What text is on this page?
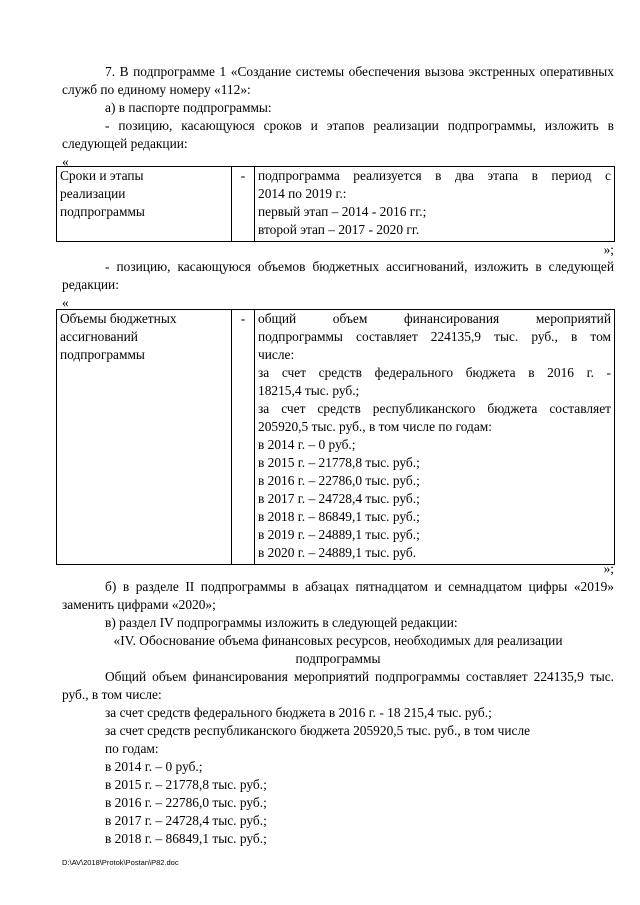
7. В подпрограмме 1 «Создание системы обеспечения вызова экстренных оперативных служб по единому номеру «112»:

а) в паспорте подпрограммы:

- позицию, касающуюся сроков и этапов реализации подпрограммы, изложить в следующей редакции:

«

Сроки и этапы
реализации
подпрограммы
	-	подпрограмма реализуется в два этапа в период с
2014 по 2019 г.:
первый этап – 2014 - 2016 гг.;
второй этап – 2017 - 2020 гг.
»;

- позицию, касающуюся объемов бюджетных ассигнований, изложить в следующей редакции:

«

Объемы бюджетных
ассигнований
подпрограммы
	-	общий объем финансирования мероприятий
подпрограммы составляет 224135,9 тыс. руб., в том
числе:
за счет средств федерального бюджета в 2016 г. -
18215,4 тыс. руб.;
за счет средств республиканского бюджета составляет
205920,5 тыс. руб., в том числе по годам:
в 2014 г. – 0 руб.;
в 2015 г. – 21778,8 тыс. руб.;
в 2016 г. – 22786,0 тыс. руб.;
в 2017 г. – 24728,4 тыс. руб.;
в 2018 г. – 86849,1 тыс. руб.;
в 2019 г. – 24889,1 тыс. руб.;
в 2020 г. – 24889,1 тыс. руб.
»;

б) в разделе II подпрограммы в абзацах пятнадцатом и семнадцатом цифры «2019» заменить цифрами «2020»;

в) раздел IV подпрограммы изложить в следующей редакции:

«IV. Обоснование объема финансовых ресурсов, необходимых для реализации

подпрограммы

Общий объем финансирования мероприятий подпрограммы составляет 224135,9 тыс. руб., в том числе:

за счет средств федерального бюджета в 2016 г. - 18 215,4 тыс. руб.;

за счет средств республиканского бюджета 205920,5 тыс. руб., в том числе

по годам:

в 2014 г. – 0 руб.;

в 2015 г. – 21778,8 тыс. руб.;

в 2016 г. – 22786,0 тыс. руб.;

в 2017 г. – 24728,4 тыс. руб.;

в 2018 г. – 86849,1 тыс. руб.;

D:\AV\2018\Protok\Postan\P82.doc
